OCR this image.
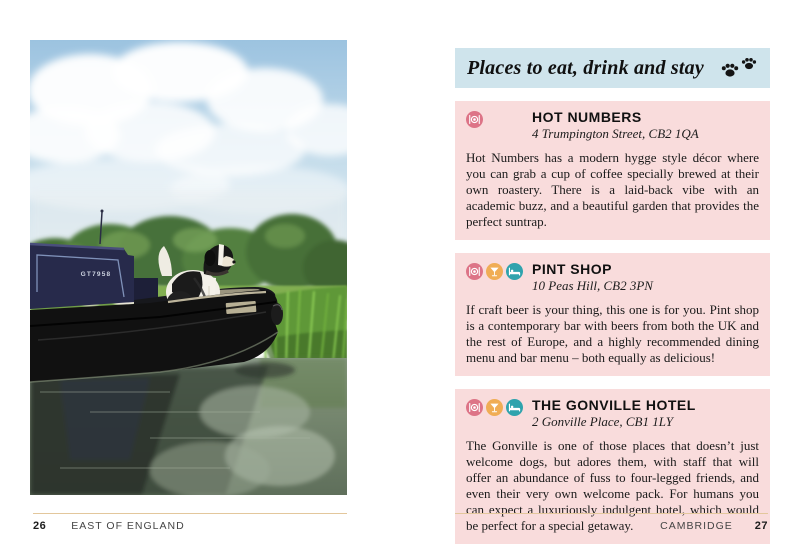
GT7958
Places to eat, drink and stay
HOT NUMBERS
4 Trumpington Street, CB2 1QA
Hot Numbers has a modern hygge style décor where you can grab a cup of coffee specially brewed at their own roastery. There is a laid-back vibe with an academic buzz, and a beautiful garden that provides the perfect suntrap.
PINT SHOP
10 Peas Hill, CB2 3PN
If craft beer is your thing, this one is for you. Pint shop is a contemporary bar with beers from both the UK and the rest of Europe, and a highly recommended dining menu and bar menu – both equally as delicious!
THE GONVILLE HOTEL
2 Gonville Place, CB1 1LY
The Gonville is one of those places that doesn’t just welcome dogs, but adores them, with staff that will offer an abundance of fuss to four-legged friends, and even their very own welcome pack. For humans you can expect a luxuriously indulgent hotel, which would be perfect for a special getaway.
26 EAST OF ENGLAND	CAMBRIDGE 27
